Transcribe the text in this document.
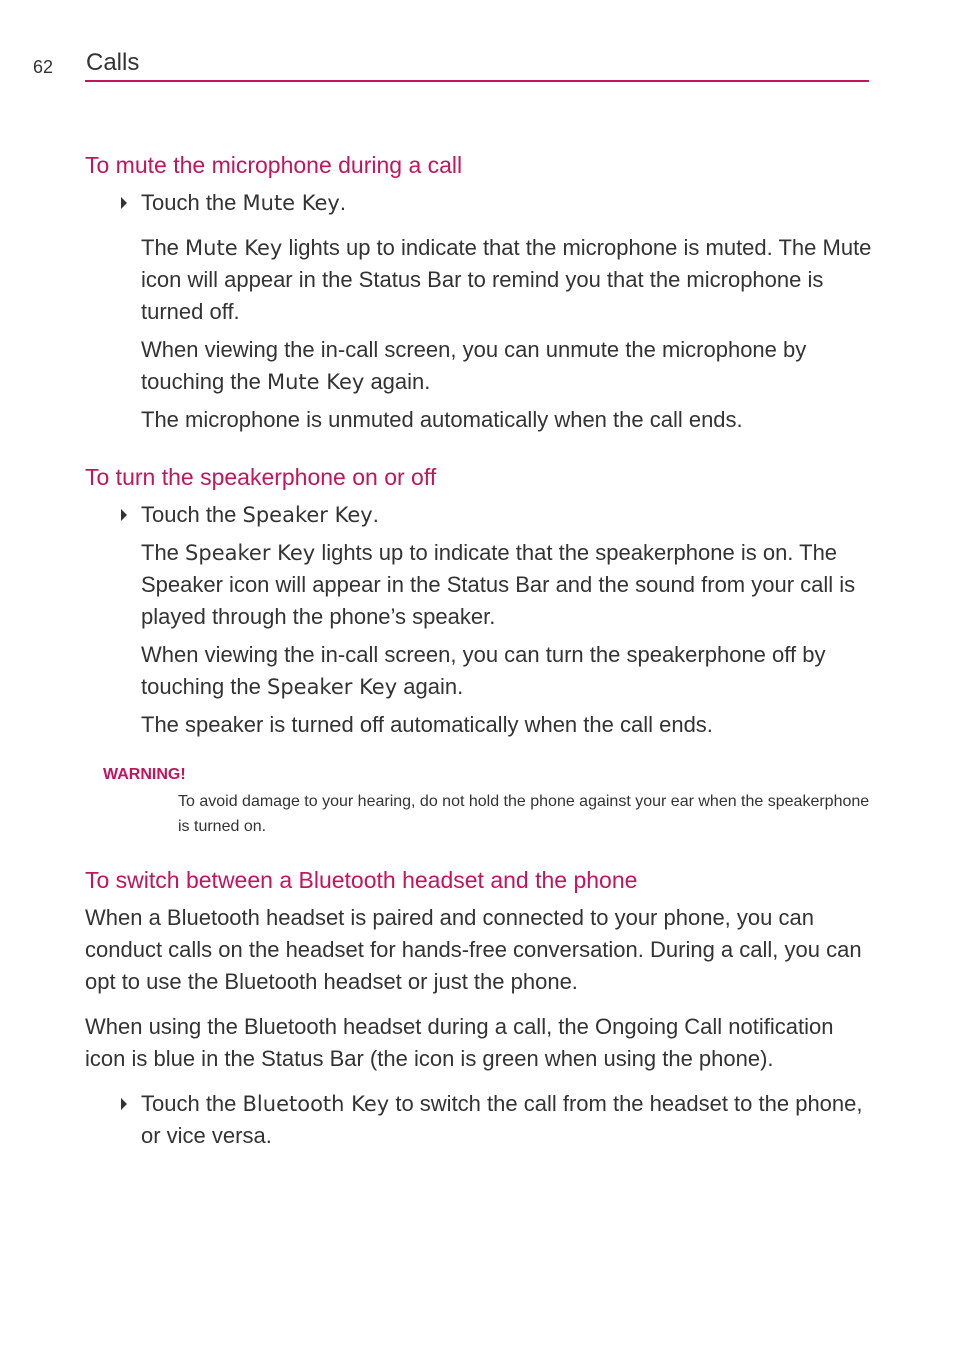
62 Calls
To mute the microphone during a call

Touch the Mute Key.

The Mute Key lights up to indicate that the microphone is muted. The Mute icon will appear in the Status Bar to remind you that the microphone is turned off.

When viewing the in-call screen, you can unmute the microphone by touching the Mute Key again.

The microphone is unmuted automatically when the call ends.

To turn the speakerphone on or off

Touch the Speaker Key.

The Speaker Key lights up to indicate that the speakerphone is on. The Speaker icon will appear in the Status Bar and the sound from your call is played through the phone’s speaker.

When viewing the in-call screen, you can turn the speakerphone off by touching the Speaker Key again.

The speaker is turned off automatically when the call ends.

WARNING!
To avoid damage to your hearing, do not hold the phone against your ear when the speakerphone is turned on.
To switch between a Bluetooth headset and the phone

When a Bluetooth headset is paired and connected to your phone, you can conduct calls on the headset for hands-free conversation. During a call, you can opt to use the Bluetooth headset or just the phone.

When using the Bluetooth headset during a call, the Ongoing Call notification icon is blue in the Status Bar (the icon is green when using the phone).

Touch the Bluetooth Key to switch the call from the headset to the phone, or vice versa.
